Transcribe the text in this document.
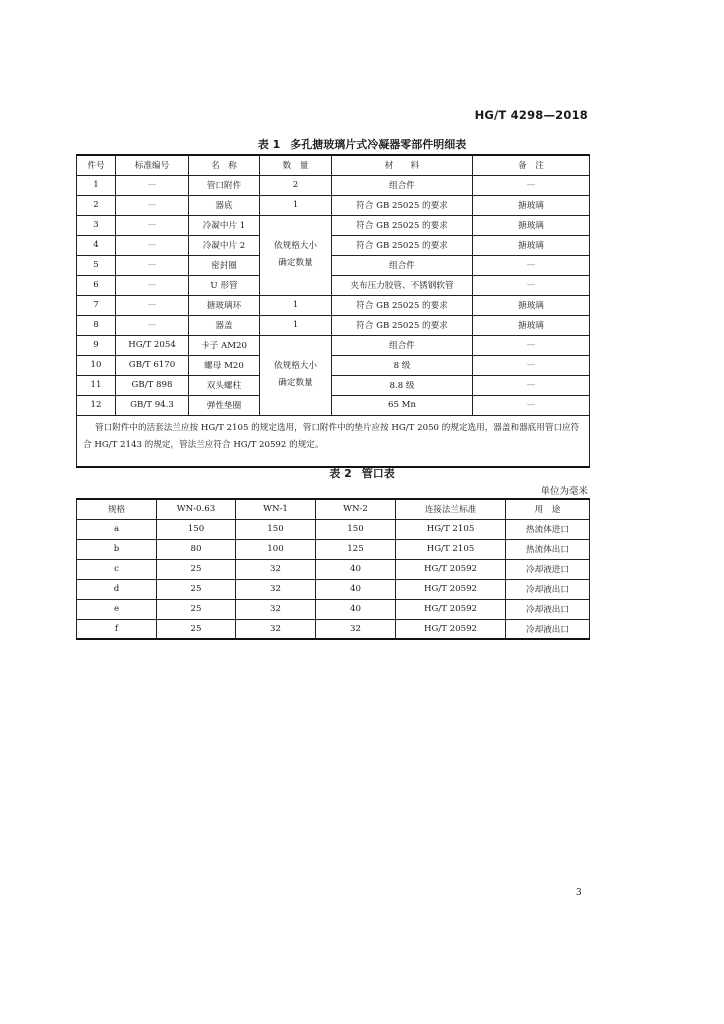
HG/T 4298—2018
表 1 多孔搪玻璃片式冷凝器零部件明细表
件号	标准编号	名　称	数　量	材　　料	备　注
1	—	管口附件	2	组合件	—
2	—	器底	1	符合 GB 25025 的要求	搪玻璃
3	—	冷凝中片 1	依规格大小确定数量	符合 GB 25025 的要求	搪玻璃
4	—	冷凝中片 2		符合 GB 25025 的要求	搪玻璃
5	—	密封圈		组合件	—
6	—	U 形管		夹布压力胶管、不锈钢软管	—
7	—	搪玻璃环	1	符合 GB 25025 的要求	搪玻璃
8	—	器盖	1	符合 GB 25025 的要求	搪玻璃
9	HG/T 2054	卡子 AM20	依规格大小确定数量	组合件	—
10	GB/T 6170	螺母 M20		8 级	—
11	GB/T 898	双头螺柱		8.8 级	—
12	GB/T 94.3	弹性垫圈		65 Mn	—
管口附件中的活套法兰应按 HG/T 2105 的规定选用，管口附件中的垫片应按 HG/T 2050 的规定选用，器盖和器底用管口应符合 HG/T 2143 的规定，管法兰应符合 HG/T 20592 的规定。					
表 2 管口表
单位为毫米
规格	WN-0.63	WN-1	WN-2	连接法兰标准	用　途
a	150	150	150	HG/T 2105	热流体进口
b	80	100	125	HG/T 2105	热流体出口
c	25	32	40	HG/T 20592	冷却液进口
d	25	32	40	HG/T 20592	冷却液出口
e	25	32	40	HG/T 20592	冷却液出口
f	25	32	32	HG/T 20592	冷却液出口
3
